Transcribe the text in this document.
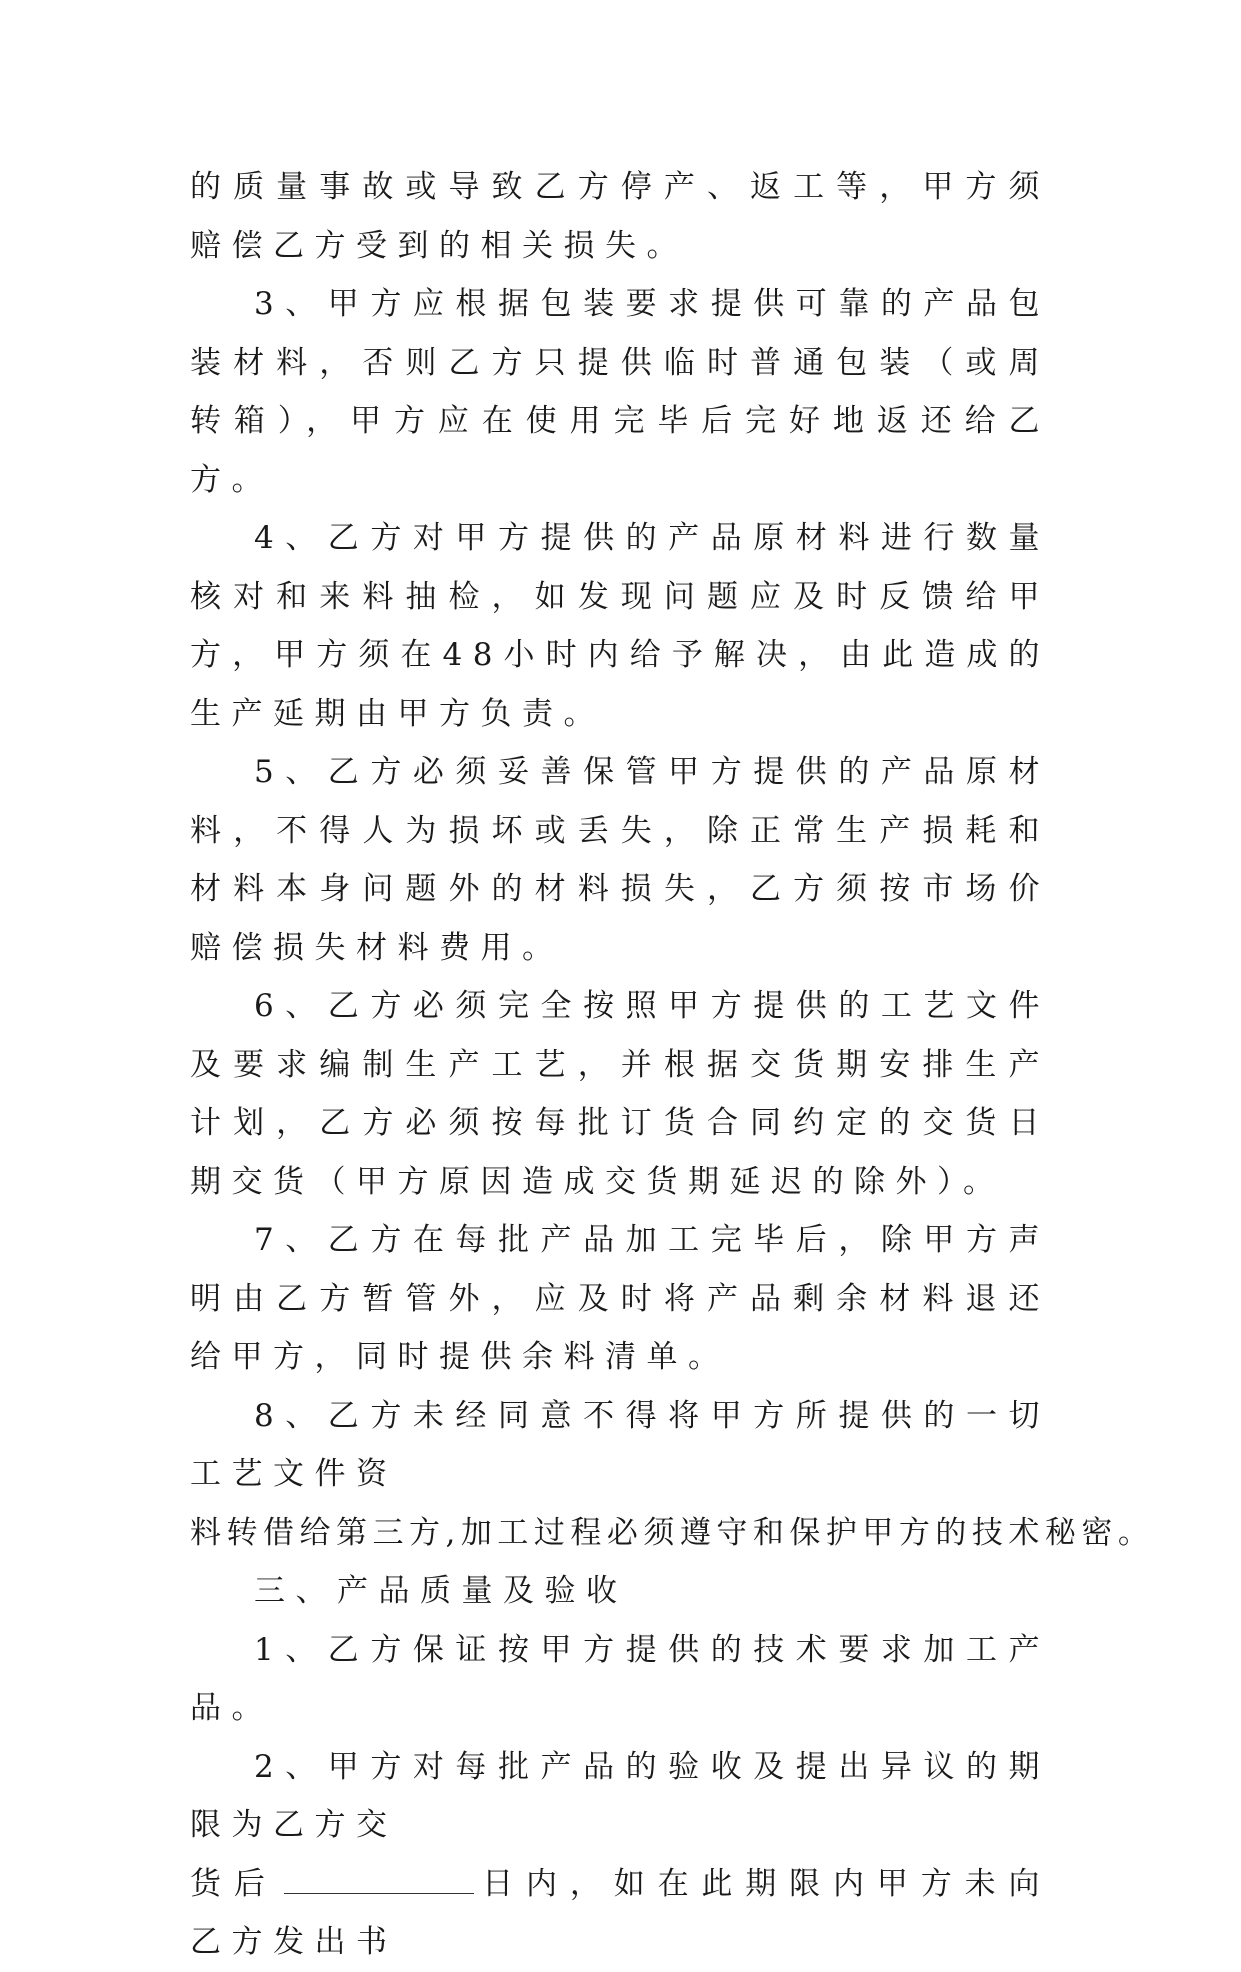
的质量事故或导致乙方停产、返工等，甲方须赔偿乙方受到的相关损失。

3、甲方应根据包装要求提供可靠的产品包装材料，否则乙方只提供临时普通包装（或周转箱），甲方应在使用完毕后完好地返还给乙方。

4、乙方对甲方提供的产品原材料进行数量核对和来料抽检，如发现问题应及时反馈给甲方，甲方须在48小时内给予解决，由此造成的生产延期由甲方负责。

5、乙方必须妥善保管甲方提供的产品原材料，不得人为损坏或丢失，除正常生产损耗和材料本身问题外的材料损失，乙方须按市场价赔偿损失材料费用。

6、乙方必须完全按照甲方提供的工艺文件及要求编制生产工艺，并根据交货期安排生产计划，乙方必须按每批订货合同约定的交货日期交货（甲方原因造成交货期延迟的除外）。

7、乙方在每批产品加工完毕后，除甲方声明由乙方暂管外，应及时将产品剩余材料退还给甲方，同时提供余料清单。

8、乙方未经同意不得将甲方所提供的一切工艺文件资

料转借给第三方,加工过程必须遵守和保护甲方的技术秘密。

三、产品质量及验收

1、乙方保证按甲方提供的技术要求加工产品。

2、甲方对每批产品的验收及提出异议的期限为乙方交

货后	日内，如在此期限内甲方未向乙方发出书
